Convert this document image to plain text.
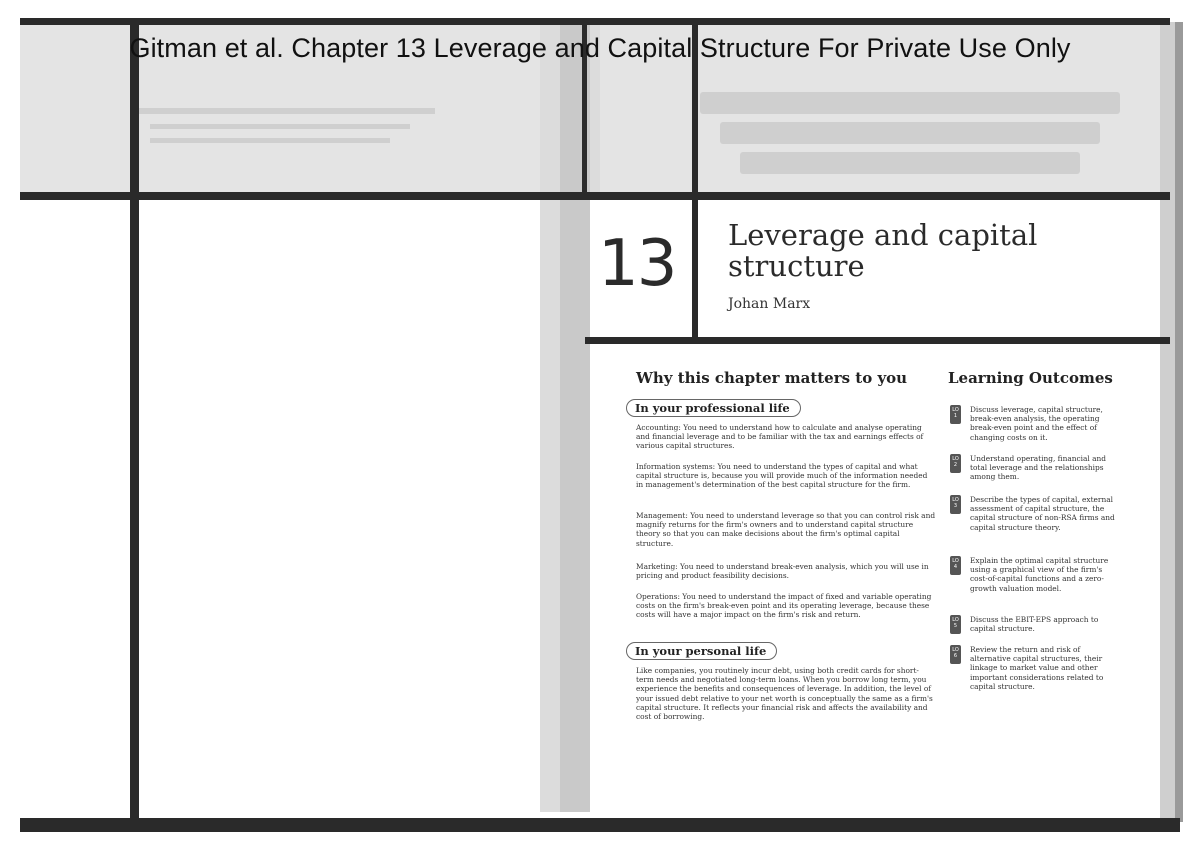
Gitman et al. Chapter 13 Leverage and Capital Structure For Private Use Only
13 Leverage and capital structure
Johan Marx
Why this chapter matters to you
In your professional life
Accounting: You need to understand how to calculate and analyse operating and financial leverage and to be familiar with the tax and earnings effects of various capital structures.
Information systems: You need to understand the types of capital and what capital structure is, because you will provide much of the information needed in management's determination of the best capital structure for the firm.
Management: You need to understand leverage so that you can control risk and magnify returns for the firm's owners and to understand capital structure theory so that you can make decisions about the firm's optimal capital structure.
Marketing: You need to understand break-even analysis, which you will use in pricing and product feasibility decisions.
Operations: You need to understand the impact of fixed and variable operating costs on the firm's break-even point and its operating leverage, because these costs will have a major impact on the firm's risk and return.
In your personal life
Like companies, you routinely incur debt, using both credit cards for short-term needs and negotiated long-term loans. When you borrow long term, you experience the benefits and consequences of leverage. In addition, the level of your issued debt relative to your net worth is conceptually the same as a firm's capital structure. It reflects your financial risk and affects the availability and cost of borrowing.
Learning Outcomes
LO 1
Discuss leverage, capital structure, break-even analysis, the operating break-even point and the effect of changing costs on it.
LO 2
Understand operating, financial and total leverage and the relationships among them.
LO 3
Describe the types of capital, external assessment of capital structure, the capital structure of non-RSA firms and capital structure theory.
LO 4
Explain the optimal capital structure using a graphical view of the firm's cost-of-capital functions and a zero-growth valuation model.
LO 5
Discuss the EBIT-EPS approach to capital structure.
LO 6
Review the return and risk of alternative capital structures, their linkage to market value and other important considerations related to capital structure.
